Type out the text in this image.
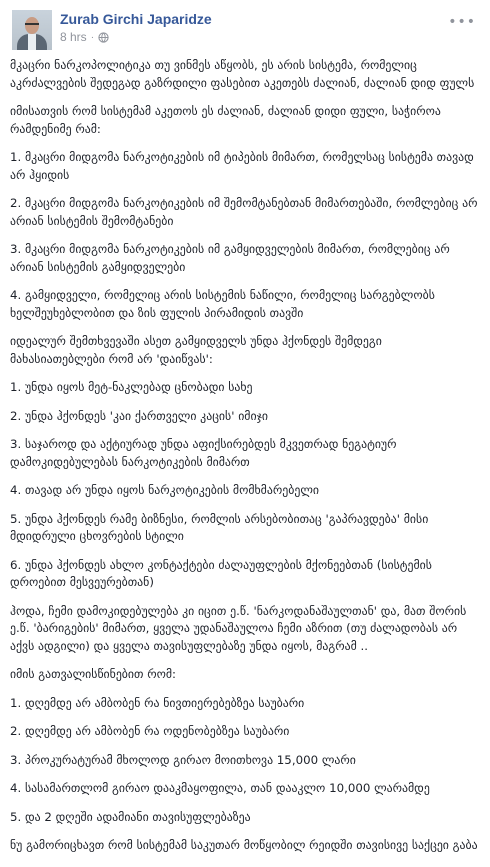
Zurab Girchi Japaridze
8 hrs ·
•••

მკაცრი ნარკოპოლიტიკა თუ ვინმეს აწყობს, ეს არის სისტემა, რომელიც აკრძალვების შედეგად გაზრდილი ფასებით აკეთებს ძალიან, ძალიან დიდ ფულს

იმისათვის რომ სისტემამ აკეთოს ეს ძალიან, ძალიან დიდი ფული, საჭიროა რამდენიმე რამ:

1. მკაცრი მიდგომა ნარკოტიკების იმ ტიპების მიმართ, რომელსაც სისტემა თავად არ ჰყიდის

2. მკაცრი მიდგომა ნარკოტიკების იმ შემომტანებთან მიმართებაში, რომლებიც არ არიან სისტემის შემომტანები

3. მკაცრი მიდგომა ნარკოტიკების იმ გამყიდველების მიმართ, რომლებიც არ არიან სისტემის გამყიდველები

4. გამყიდველი, რომელიც არის სისტემის ნაწილი, რომელიც სარგებლობს ხელშეუხებლობით და ზის ფულის პირამიდის თავში

იდეალურ შემთხვევაში ასეთ გამყიდველს უნდა ჰქონდეს შემდეგი მახასიათებლები რომ არ 'დაიწვას':

1. უნდა იყოს მეტ-ნაკლებად ცნობადი სახე

2. უნდა ჰქონდეს 'კაი ქართველი კაცის' იმიჯი

3. საჯაროდ და აქტიურად უნდა აფიქსირებდეს მკვეთრად ნეგატიურ დამოკიდებულებას ნარკოტიკების მიმართ

4. თავად არ უნდა იყოს ნარკოტიკების მომხმარებელი

5. უნდა ჰქონდეს რამე ბიზნესი, რომლის არსებობითაც 'გაპრავდება' მისი მდიდრული ცხოვრების სტილი

6. უნდა ჰქონდეს ახლო კონტაქტები ძალაუფლების მქონეებთან (სისტემის დროებით მესვეურებთან)

ჰოდა, ჩემი დამოკიდებულება კი იცით ე.წ. 'ნარკოდანაშაულთან' და, მათ შორის ე.წ. 'ბარიგების' მიმართ, ყველა უდანაშაულოა ჩემი აზრით (თუ ძალადობას არ აქვს ადგილი) და ყველა თავისუფლებაზე უნდა იყოს, მაგრამ ..

იმის გათვალისწინებით რომ:

1. დღემდე არ ამბობენ რა ნივთიერებებზეა საუბარი

2. დღემდე არ ამბობენ რა ოდენობებზეა საუბარი

3. პროკურატურამ მხოლოდ გირაო მოითხოვა 15,000 ლარი

4. სასამართლომ გირაო დააკმაყოფილა, თან დააკლო 10,000 ლარამდე

5. და 2 დღეში ადამიანი თავისუფლებაზეა

ნუ გამორიცხავთ რომ სისტემამ საკუთარ მოწყობილ რეიდში თავისივე საქცეი გაბა
